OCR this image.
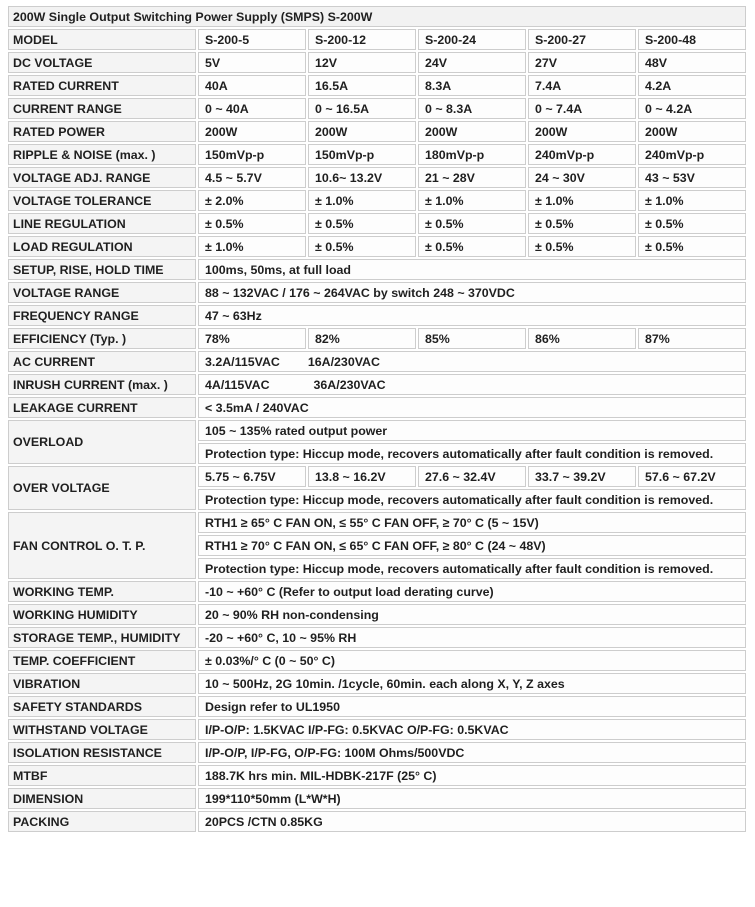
200W Single Output Switching Power Supply (SMPS) S-200W					
MODEL	S-200-5	S-200-12	S-200-24	S-200-27	S-200-48
DC VOLTAGE	5V	12V	24V	27V	48V
RATED CURRENT	40A	16.5A	8.3A	7.4A	4.2A
CURRENT RANGE	0 ~ 40A	0 ~ 16.5A	0 ~ 8.3A	0 ~ 7.4A	0 ~ 4.2A
RATED POWER	200W	200W	200W	200W	200W
RIPPLE & NOISE (max. )	150mVp-p	150mVp-p	180mVp-p	240mVp-p	240mVp-p
VOLTAGE ADJ. RANGE	4.5 ~ 5.7V	10.6~ 13.2V	21 ~ 28V	24 ~ 30V	43 ~ 53V
VOLTAGE TOLERANCE	± 2.0%	± 1.0%	± 1.0%	± 1.0%	± 1.0%
LINE REGULATION	± 0.5%	± 0.5%	± 0.5%	± 0.5%	± 0.5%
LOAD REGULATION	± 1.0%	± 0.5%	± 0.5%	± 0.5%	± 0.5%
SETUP, RISE, HOLD TIME	100ms, 50ms, at full load				
VOLTAGE RANGE	88 ~ 132VAC / 176 ~ 264VAC by switch 248 ~ 370VDC				
FREQUENCY RANGE	47 ~ 63Hz				
EFFICIENCY (Typ. )	78%	82%	85%	86%	87%
AC CURRENT	3.2A/115VAC 16A/230VAC				
INRUSH CURRENT (max. )	4A/115VAC 36A/230VAC				
LEAKAGE CURRENT	< 3.5mA / 240VAC				
OVERLOAD	105 ~ 135% rated output power				
	Protection type: Hiccup mode, recovers automatically after fault condition is removed.				
OVER VOLTAGE	5.75 ~ 6.75V	13.8 ~ 16.2V	27.6 ~ 32.4V	33.7 ~ 39.2V	57.6 ~ 67.2V
	Protection type: Hiccup mode, recovers automatically after fault condition is removed.				
FAN CONTROL O. T. P.	RTH1 ≥ 65° C FAN ON, ≤ 55° C FAN OFF, ≥ 70° C (5 ~ 15V)				
	RTH1 ≥ 70° C FAN ON, ≤ 65° C FAN OFF, ≥ 80° C (24 ~ 48V)				
	Protection type: Hiccup mode, recovers automatically after fault condition is removed.				
WORKING TEMP.	-10 ~ +60° C (Refer to output load derating curve)				
WORKING HUMIDITY	20 ~ 90% RH non-condensing				
STORAGE TEMP., HUMIDITY	-20 ~ +60° C, 10 ~ 95% RH				
TEMP. COEFFICIENT	± 0.03%/° C (0 ~ 50° C)				
VIBRATION	10 ~ 500Hz, 2G 10min. /1cycle, 60min. each along X, Y, Z axes				
SAFETY STANDARDS	Design refer to UL1950				
WITHSTAND VOLTAGE	I/P-O/P: 1.5KVAC I/P-FG: 0.5KVAC O/P-FG: 0.5KVAC				
ISOLATION RESISTANCE	I/P-O/P, I/P-FG, O/P-FG: 100M Ohms/500VDC				
MTBF	188.7K hrs min. MIL-HDBK-217F (25° C)				
DIMENSION	199*110*50mm (L*W*H)				
PACKING	20PCS /CTN 0.85KG				
